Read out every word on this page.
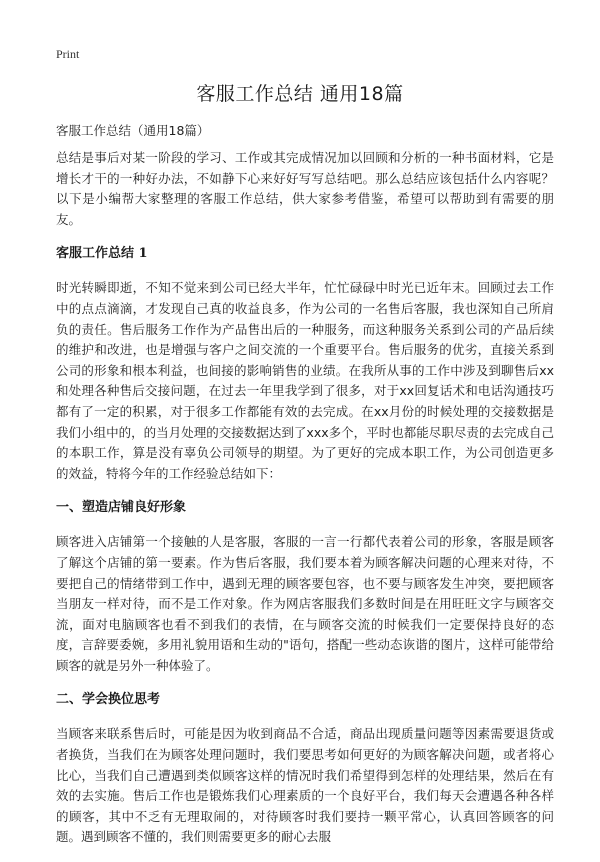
Print
客服工作总结 通用18篇
客服工作总结（通用18篇）

总结是事后对某一阶段的学习、工作或其完成情况加以回顾和分析的一种书面材料，它是增长才干的一种好办法，不如静下心来好好写写总结吧。那么总结应该包括什么内容呢？以下是小编帮大家整理的客服工作总结，供大家参考借鉴，希望可以帮助到有需要的朋友。

客服工作总结 1

时光转瞬即逝，不知不觉来到公司已经大半年，忙忙碌碌中时光已近年末。回顾过去工作中的点点滴滴，才发现自己真的收益良多，作为公司的一名售后客服，我也深知自己所肩负的责任。售后服务工作作为产品售出后的一种服务，而这种服务关系到公司的产品后续的维护和改进，也是增强与客户之间交流的一个重要平台。售后服务的优劣，直接关系到公司的形象和根本利益，也间接的影响销售的业绩。在我所从事的工作中涉及到聊售后xx和处理各种售后交接问题，在过去一年里我学到了很多，对于xx回复话术和电话沟通技巧都有了一定的积累，对于很多工作都能有效的去完成。在xx月份的时候处理的交接数据是我们小组中的，的当月处理的交接数据达到了xxx多个，平时也都能尽职尽责的去完成自己的本职工作，算是没有辜负公司领导的期望。为了更好的完成本职工作，为公司创造更多的效益，特将今年的工作经验总结如下：

一、塑造店铺良好形象

顾客进入店铺第一个接触的人是客服，客服的一言一行都代表着公司的形象，客服是顾客了解这个店铺的第一要素。作为售后客服，我们要本着为顾客解决问题的心理来对待，不要把自己的情绪带到工作中，遇到无理的顾客要包容，也不要与顾客发生冲突，要把顾客当朋友一样对待，而不是工作对象。作为网店客服我们多数时间是在用旺旺文字与顾客交流，面对电脑顾客也看不到我们的表情，在与顾客交流的时候我们一定要保持良好的态度，言辞要委婉，多用礼貌用语和生动的"语句，搭配一些动态诙谐的图片，这样可能带给顾客的就是另外一种体验了。

二、学会换位思考

当顾客来联系售后时，可能是因为收到商品不合适，商品出现质量问题等因素需要退货或者换货，当我们在为顾客处理问题时，我们要思考如何更好的为顾客解决问题，或者将心比心，当我们自己遭遇到类似顾客这样的情况时我们希望得到怎样的处理结果，然后在有效的去实施。售后工作也是锻炼我们心理素质的一个良好平台，我们每天会遭遇各种各样的顾客，其中不乏有无理取闹的，对待顾客时我们要持一颗平常心，认真回答顾客的问题。遇到顾客不懂的，我们则需要更多的耐心去服
